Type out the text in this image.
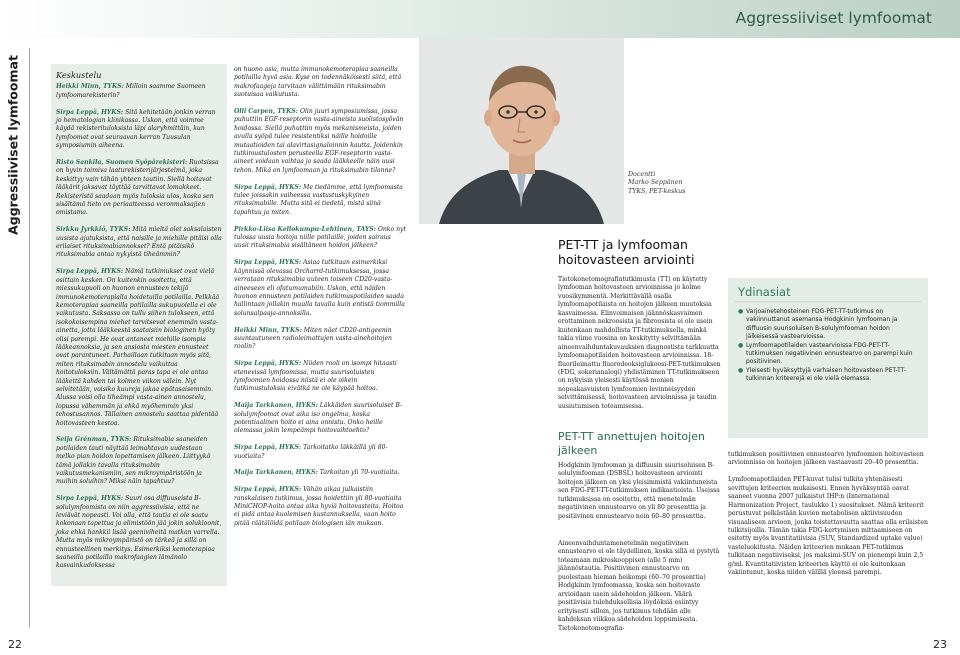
Aggressiiviset lymfoomat
Aggressiiviset lymfoomat	Keskustelu

Heikki Minn, TYKS: Milloin saamme Suomeen lymfoomarekisterin?

Sirpa Leppä, HYKS: Sitä kehitetään jonkin verran jo hematologian klinikassa. Uskon, että voimme käydä rekisterituloksista läpi alaryhmittäin, kun lymfoomat ovat seuraavan kerran Tuusulan symposiumin aiheena.

Risto Sankila, Suomen Syöpärekisteri: Ruotsissa on hyvin toimiva laaturekisterijärjestelmä, joka keskittyy vain tähän yhteen tautiin. Siellä hoitavat lääkärit jaksavat täyttää tarvittavat lomakkeet. Rekisteristä saadaan myös tuloksia ulos, koska sen sisältämä tieto on periaatteessa veronmaksajien omistama.

Sirkku Jyrkkiö, TYKS: Mitä mieltä olet saksalaisten uusista ajatuksista, että naisille ja miehille pitäisi olla erilaiset rituksimabiannokset? Entä pitäisikö rituksimabia antaa nykyistä tiheämmin?

Sirpa Leppä, HYKS: Nämä tutkimukset ovat vielä osittain kesken. On kuitenkin osoitettu, että miessukupuoli on huonon ennusteen tekijä immunokemoterapialla hoidetuilla potilailla. Pelkkää kemoterapiaa saaneilla potilailla sukupuolella ei ole vaikutusta. Saksassa on tullu siihen tulokseen, että isokokoisempina miehet tarvitsevat enemmän vasta-ainetta, jotta lääkkeestä saataisiin biologinen hyöty olisi parempi. He ovat antaneet miehille isompia lääkeannoksia, ja sen ansiosta miesten ennusteet ovat parantuneet. Parhaillaan tutkitaan myös sitä, miten rituksimabin annostelu vaikuttaa hoitotuloksiin. Vältämättä paras tapa ei ole antaa lääkettä kahden tai kolmen viikon välein. Nyt selvitetään, voisiko kuureja jakaa epätasaisemmin. Alussa voisi olla tiheämpi vasta-ainen annostelu, lopussa vähemmän ja ehkä myöhemmin yksi tehostusannos. Tällainen annostelu saattaa pidentää hoitovasteen kestoa.

Seija Grénman, TYKS: Rituksimabia saaneiden potilaiden tauti näyttää leimahtavan uudestaan melko pian hoidon lopettamisen jälkeen. Liittyykö tämä jollakin tavalla rituksimabin vaikutusmekanismiin, sen mikroympäristöön ja muihin soluihin? Miksi näin tapahtuu?

Sirpa Leppä, HYKS: Suuri osa diffuuseista B-solulymfoomista on niin aggressiivisia, että ne leviävät nopeasti. Voi olla, että tautia ei ole saatu kokonaan tapettua ja elimistöön jää jokin solukloonit, joka ehkä hankkii lisää geeniviheitä matkan varrella. Mutta myös mikroympäristö on tärkeä ja sillä on ennusteellinen merkitys. Esimerkiksi kemoterapiaa saaneilla potilailla makrofaagien lämänolo kasvainkudoksessa

on huono asia, mutta immunokemoterapiaa saaneilla potilailla hyvä asia. Kyse on todennäköisesti siitä, että makrofaageja tarvitaan välittämään rituksimabin suotuisaa vaikutusta.

Olli Carpen, TYKS: Olin juuri symposiumissa, jossa puhuttiin EGF-reseptorin vasta-aineista suolistosyövän hoidossa. Siellä puhuttiin myös mekanismeista, joiden avulla syöpä tulee resistentiksi näille hoidoille mutaatioiden tai alavirtasignaloinnin kautta. Joidenkin tutkimustulosten perusteella EGF-reseptorin vasta-aineet voidaan vaihtaa ja saada lääkkeelle näin uusi tehon. Mikä on lymfoomaan ja rituksimabin tilanne?

Sirpa Leppä, HYKS: Me tiedämme, että lymfoomasta tulee joissakin vaiheessa vastustuskykyinen rituksimabille. Mutta sitä ei tiedetä, mistä siinä tapahtuu ja miten.

Pirkko-Liisa Kellokumpu-Lehtinen, TAYS: Onko nyt tulossa uusia hoitoja niille potilaille, joiden sairaus uusii rituksimabia sisältäneen hoidon jälkeen?

Sirpa Leppä, HYKS: Asiaa tutkitaan esimerkiksi käynnissä olevassa Orcharrd-tutkimuksessa, jossa verrataan rituksimabia uuteen toiseen CD20-vasta-aineeseen eli ofatumumabiin. Uskon, että näiden huonon ennusteen potilaiden tutkimuspotilaiden saada hallintaan jollakin muulla tavalla kuin entistä tiommilla solunsalpaaja-annoksilla.

Heikki Minn, TYKS: Miten näet CD20-antigeenin suuntautuneen radioleimattujen vasta-ainehoitojen roolin?

Sirpa Leppä, HYKS: Niiden rooli on isompi hitaasti etenevissä lymfoomissa, mutta suurisoluisten lymfoomien hoidossa niistä ei ole oikein tutkimustuloksia eivätkä ne ole käypää hoitoa.

Maija Tarkkanen, HYKS: Läkkäiden suurisoluiset B-solulymfoomat ovat aika iso ongelma, koska potentiaalinen hoito ei aina onnistu. Onko heille olemassa jokin lempeämpi hoitovaihtoehto?

Sirpa Leppä, HYKS: Tarkoitatko läkkäillä yli 80-vuotiaita?

Maija Tarkkanen, HYKS: Tarkoitan yli 70-vuotiaita.

Sirpa Leppä, HYKS: Vähän aikaa julkaistiin ranskalaisen tutkimus, jossa hoidettiin yli 80-vuotiaita MiniCHOP-hoito antaa aika hyviä hoitovasteita. Hoitoa ei pidä antaa kuolemisen kustannuksella, vaan hoito pitää räätälöidä potilaan biologisen iän mukaan.

Docentti
Marko Seppänen
TYKS, PET-keskus
PET-TT ja lymfooman hoitovasteen arviointi
Tietokonetomografiatutkimusta (TT) on käytetty lymfooman hoitovasteen arvioinnissa jo kolme vuosikymmentä. Merkittävällä osalla lymfoomapotilaista on hoitojen jälkeen muutoksia kasvaimessa. Elinvoimaisen jäännöskasvaimen erottaminen nekroosista ja fibroosista ei ole usein kuitenkaan mahdollista TT-tutkimuksella, minkä takia viime vuosina on keskitytty selvittämään aineenvaihduntakuvauksien diagnostista tarkkuutta lymfoomapotilaiden hoitovasteen arvioinnissa. 18-fluorileimattu fluorodeoksiglukoosi-PET-tutkimuksen (FDG, sokerianalogi) yhdistäminen TT-tutkimukseen on nykyisin yleisesti käytössä monien nopeakasvuisten lymfoomien levinneisyyden selvittämisessä, hoitovasteen arvioinnissa ja taudin uusiutumisen toteamisessa.
PET-TT annettujen hoitojen jälkeen
Hodgkinin lymfooman ja diffuusin suurisoluisen B-solulymfooman (DSBSL) hoitovasteen arviointi hoitojen jälkeen on yksi yleisimmistä vakiintuneista sen FDG-PET-TT-tutkimuksen indikaatioista. Useissa tutkimuksissa on osoitettu, että menetelmän negatiivinen ennustearvo on yli 80 prosenttia ja positiivinen ennustearvo noin 60–80 prosenttia.
Aineenvaihduntamenetelmän negatiivinen ennustearvo ei ole täydellinen, koska sillä ei pystytä toteamaan mikroskooppisen (alle 5 mm) jäännöstautia. Positiivinen ennustearvo on puolestaan hieman heikompi (60–70 prosenttia) Hodgkinin lymfoomassa, koska sen hoitovaste arvioidaan usein sädehoidon jälkeen. Väärä positiivisia tulehduksellisia löydöksiä esiintyy erityisesti silloin, jos tutkimus tehdään alle kahdeksan viikkoa sädehoidon loppumisesta. Tietokonetomografia-
Ydinasiat
● Varjoainetehosteinen FDG-PET-TT-tutkimus on vakiinnuttanut asemansa Hodgkinin lymfooman ja diffuusin suurisoluisen B-solulymfooman hoidon jälkeisessä vastearvioissa.
● Lymfoomapotilaiden vastearvioissa FDG-PET-TT-tutkimuksen negatiivinen ennustearvo on parempi kuin positiivinen.
● Yleisesti hyväksyttyjä varhaisen hoitovasteen PET-TT-tulkinnan kriteerejä ei ole vielä olemassa.

tutkimuksen positiivinen ennustearvo lymfoomien hoitovasteen arvioinnissa on hoitojen jälkeen vastaavasti 20–40 prosenttia.

Lymfoomapotilaiden PET-kuvat tulisi tulkita yhtenäisesti sovittujen kriteerien mukaisesti. Ennen hyväksyntää oavat saaneet vuonna 2007 julkaistut IHP:n (International Harmonization Project, taulukko 1) suositukset. Nämä kriteerit perustuvat pelkästään kuvien metabolisen aktiivisuuden visuaaliseen arvioon, jonka toistettavuutta saattaa olla erilaisten tulkitsijoilla. Tämän takia FDG-kertymisen mittaamiseen on esitetty myös kvantitatiivisia (SUV, Standardized uptake value) vasteluokitusta. Näiden kriteerien mukaan PET-tutkimus tulkitaan negatiiviseksi, jos maksimi-SUV on pienempi kuin 2,5 g/ml. Kvantitatiivisten kriteerien käyttö ei ole kuitenkaan vakiintunut, koska niiden välillä yleensä parempi.

22	23
